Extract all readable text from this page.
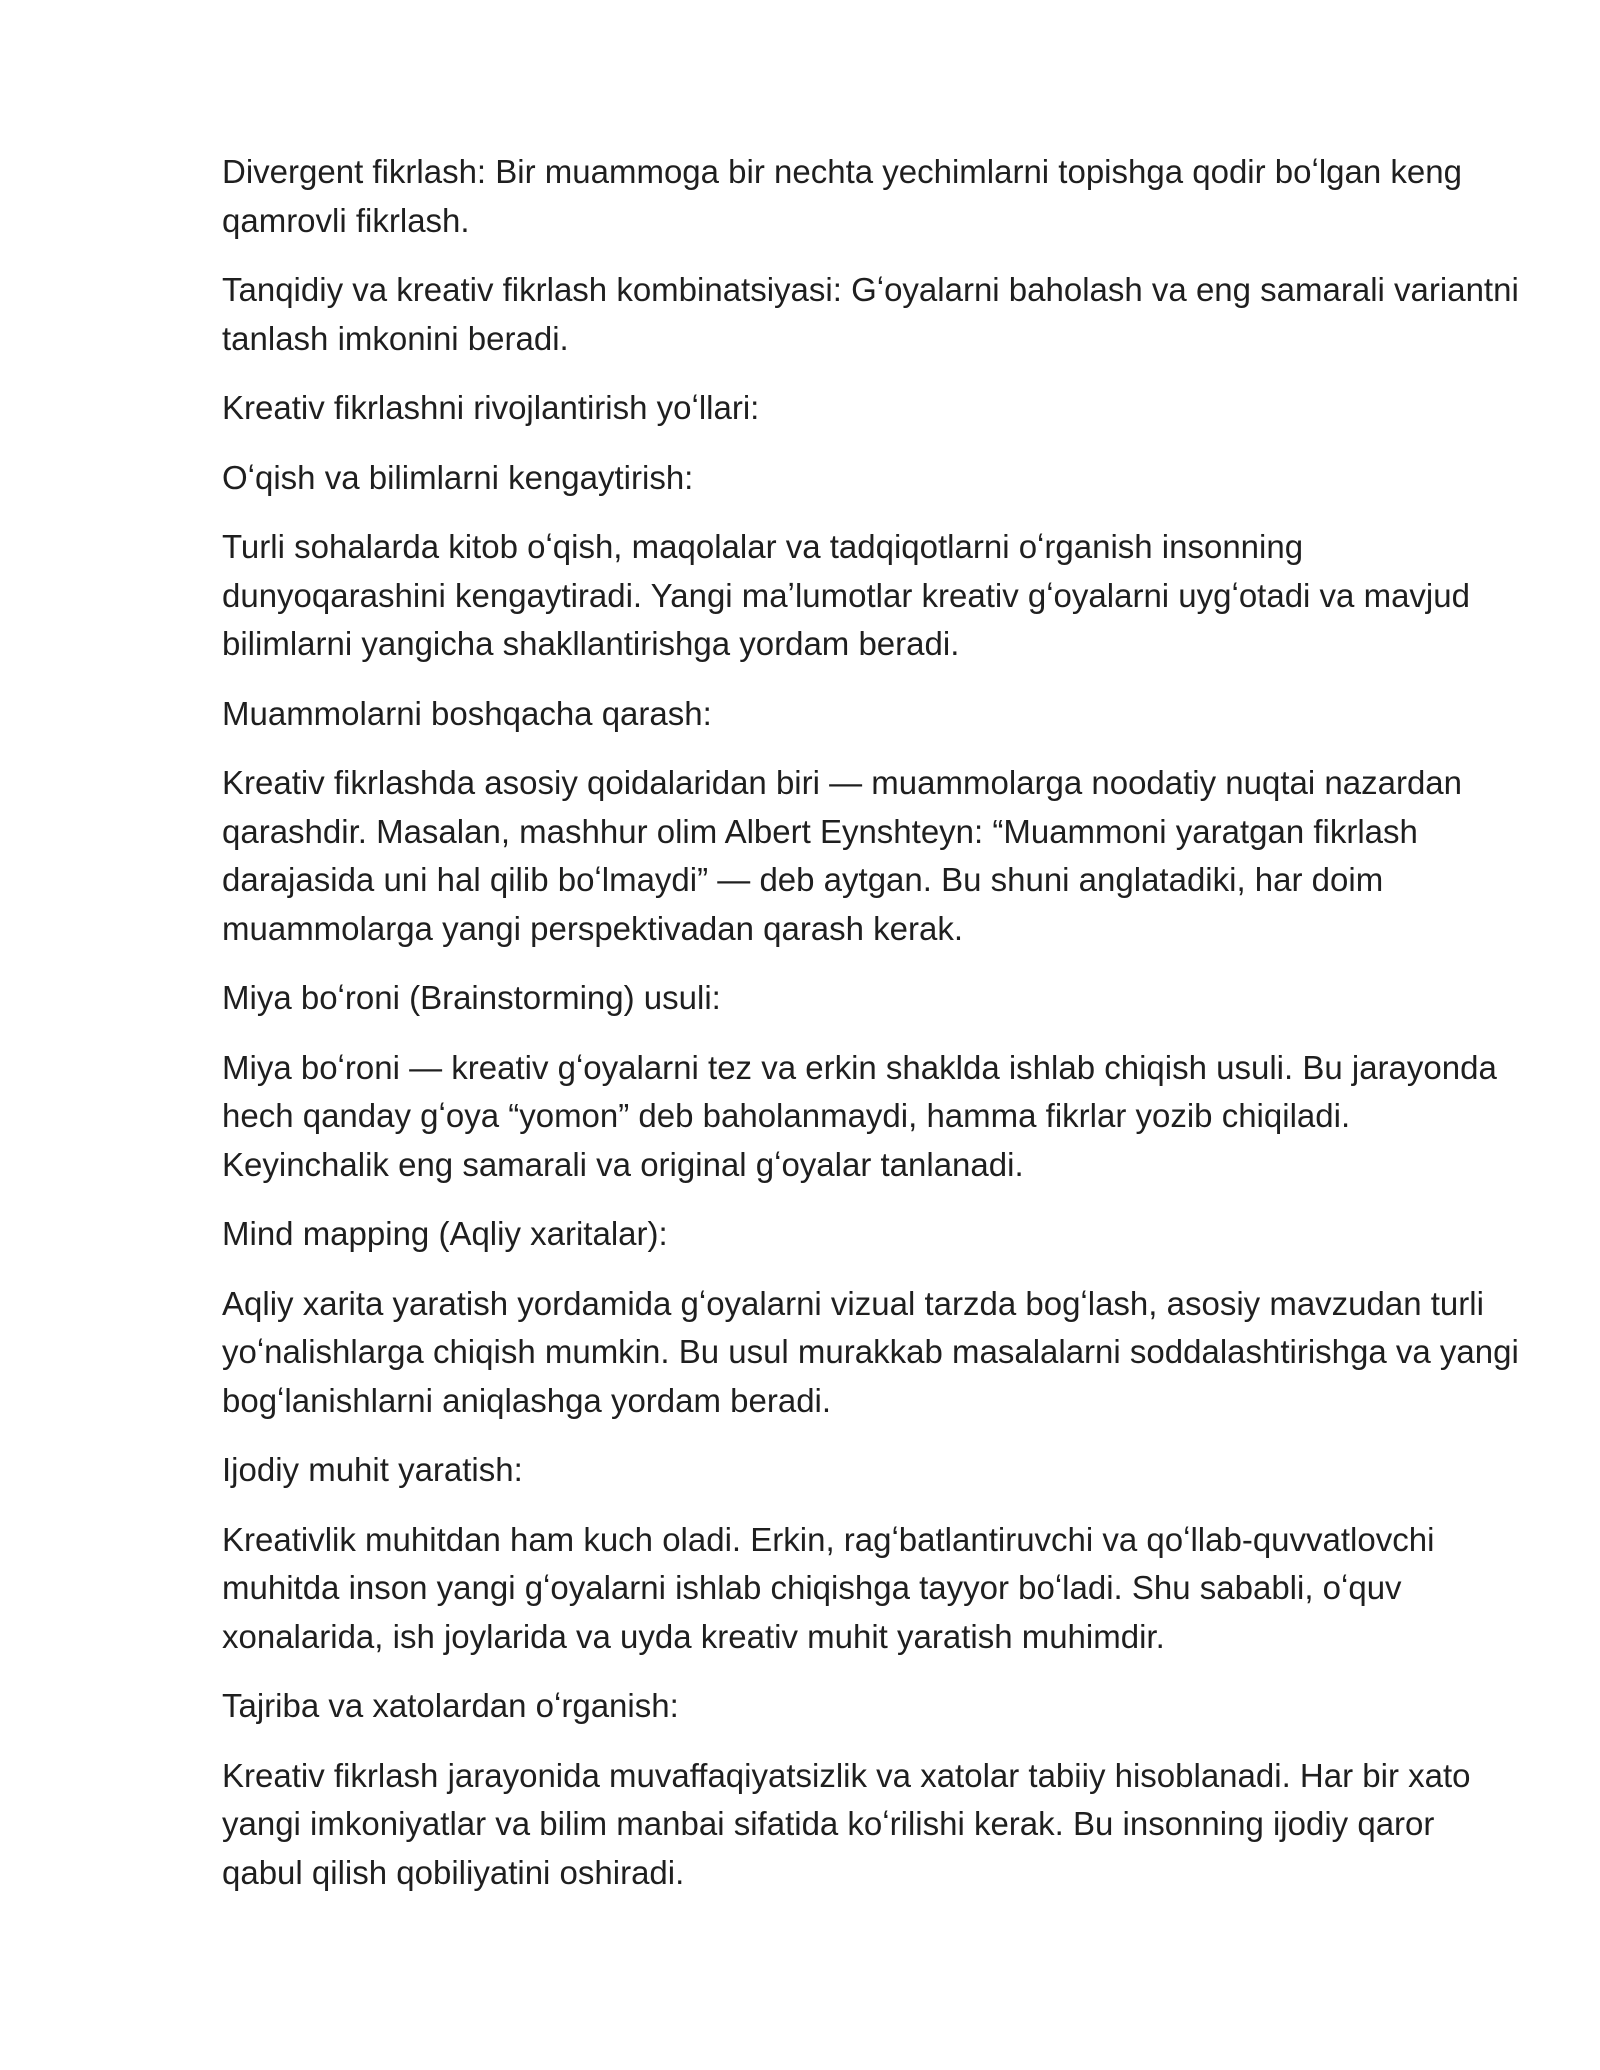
Divergent fikrlash: Bir muammoga bir nechta yechimlarni topishga qodir boʻlgan keng qamrovli fikrlash.

Tanqidiy va kreativ fikrlash kombinatsiyasi: Gʻoyalarni baholash va eng samarali variantni tanlash imkonini beradi.

Kreativ fikrlashni rivojlantirish yoʻllari:

Oʻqish va bilimlarni kengaytirish:

Turli sohalarda kitob oʻqish, maqolalar va tadqiqotlarni oʻrganish insonning dunyoqarashini kengaytiradi. Yangi maʼlumotlar kreativ gʻoyalarni uygʻotadi va mavjud bilimlarni yangicha shakllantirishga yordam beradi.

Muammolarni boshqacha qarash:

Kreativ fikrlashda asosiy qoidalaridan biri — muammolarga noodatiy nuqtai nazardan qarashdir. Masalan, mashhur olim Albert Eynshteyn: “Muammoni yaratgan fikrlash darajasida uni hal qilib boʻlmaydi” — deb aytgan. Bu shuni anglatadiki, har doim muammolarga yangi perspektivadan qarash kerak.

Miya boʻroni (Brainstorming) usuli:

Miya boʻroni — kreativ gʻoyalarni tez va erkin shaklda ishlab chiqish usuli. Bu jarayonda hech qanday gʻoya “yomon” deb baholanmaydi, hamma fikrlar yozib chiqiladi. Keyinchalik eng samarali va original gʻoyalar tanlanadi.

Mind mapping (Aqliy xaritalar):

Aqliy xarita yaratish yordamida gʻoyalarni vizual tarzda bogʻlash, asosiy mavzudan turli yoʻnalishlarga chiqish mumkin. Bu usul murakkab masalalarni soddalashtirishga va yangi bogʻlanishlarni aniqlashga yordam beradi.

Ijodiy muhit yaratish:

Kreativlik muhitdan ham kuch oladi. Erkin, ragʻbatlantiruvchi va qoʻllab-quvvatlovchi muhitda inson yangi gʻoyalarni ishlab chiqishga tayyor boʻladi. Shu sababli, oʻquv xonalarida, ish joylarida va uyda kreativ muhit yaratish muhimdir.

Tajriba va xatolardan oʻrganish:

Kreativ fikrlash jarayonida muvaffaqiyatsizlik va xatolar tabiiy hisoblanadi. Har bir xato yangi imkoniyatlar va bilim manbai sifatida koʻrilishi kerak. Bu insonning ijodiy qaror qabul qilish qobiliyatini oshiradi.
